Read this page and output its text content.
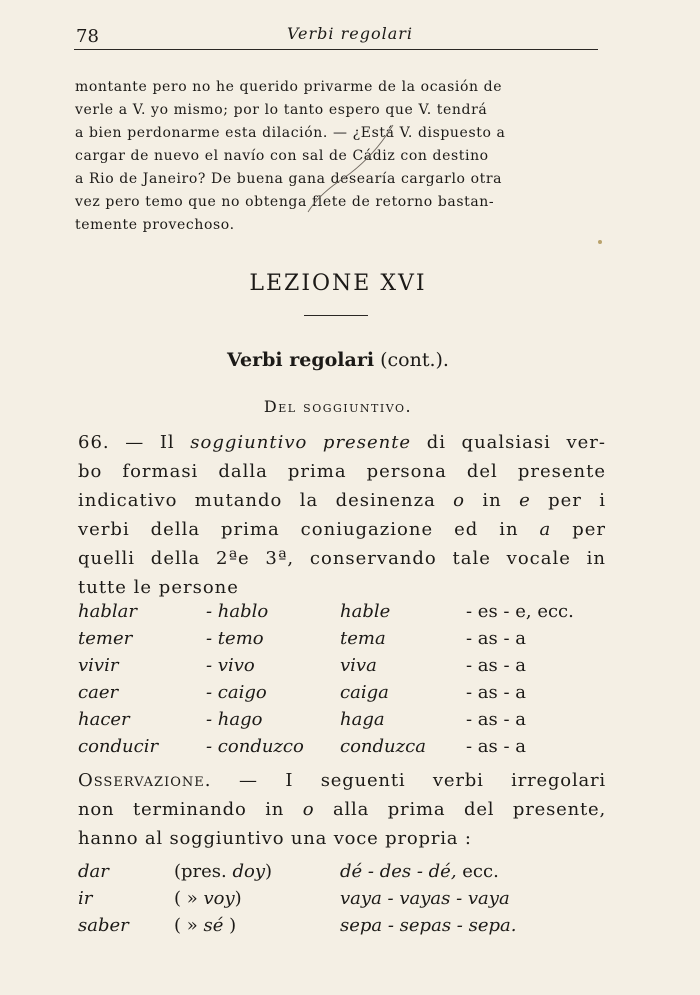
78	Verbi regolari
montante pero no he querido privarme de la ocasión de
verle a V. yo mismo; por lo tanto espero que V. tendrá
a bien perdonarme esta dilación. — ¿Está V. dispuesto a
cargar de nuevo el navío con sal de Cádiz con destino
a Rio de Janeiro? De buena gana desearía cargarlo otra
vez pero temo que no obtenga flete de retorno bastan-
temente provechoso.
LEZIONE XVI
Verbi regolari (cont.).
Del soggiuntivo.
66. — Il soggiuntivo presente di qualsiasi ver-
bo formasi dalla prima persona del presente
indicativo mutando la desinenza o in e per i
verbi della prima coniugazione ed in a per
quelli della 2ªe 3ª, conservando tale vocale in
tutte le persone
hablar	- hablo	hable	- es - e, ecc.
temer	- temo	tema	- as - a
vivir	- vivo	viva	- as - a
caer	- caigo	caiga	- as - a
hacer	- hago	haga	- as - a
conducir	- conduzco	conduzca	- as - a
Osservazione. — I seguenti verbi irregolari
non terminando in o alla prima del presente,
hanno al soggiuntivo una voce propria :
dar	(pres. doy)	dé - des - dé, ecc.
ir	( » voy)	vaya - vayas - vaya
saber	( » sé )	sepa - sepas - sepa.
